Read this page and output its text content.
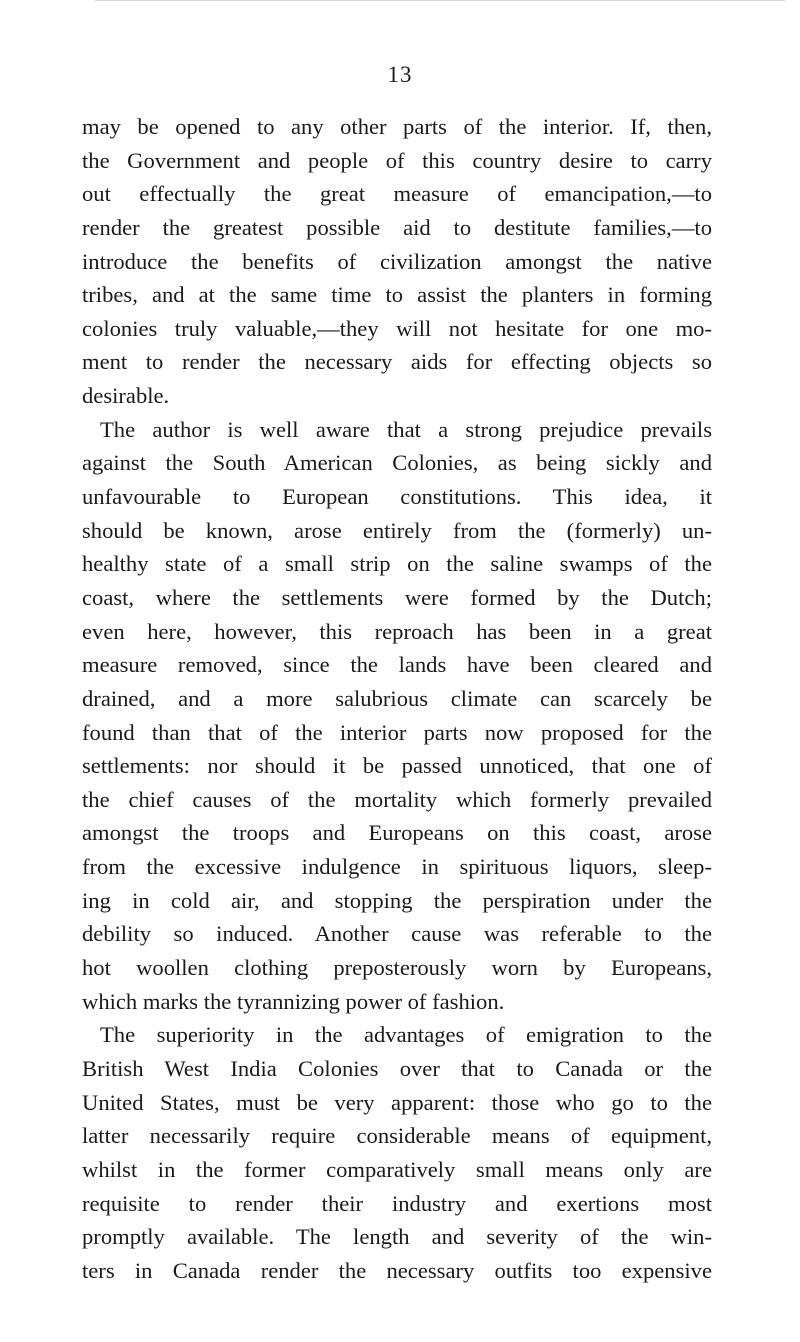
13
may be opened to any other parts of the interior. If, then,
the Government and people of this country desire to carry
out effectually the great measure of emancipation,—to
render the greatest possible aid to destitute families,—to
introduce the benefits of civilization amongst the native
tribes, and at the same time to assist the planters in forming
colonies truly valuable,—they will not hesitate for one mo-
ment to render the necessary aids for effecting objects so
desirable.
The author is well aware that a strong prejudice prevails
against the South American Colonies, as being sickly and
unfavourable to European constitutions. This idea, it
should be known, arose entirely from the (formerly) un-
healthy state of a small strip on the saline swamps of the
coast, where the settlements were formed by the Dutch;
even here, however, this reproach has been in a great
measure removed, since the lands have been cleared and
drained, and a more salubrious climate can scarcely be
found than that of the interior parts now proposed for the
settlements: nor should it be passed unnoticed, that one of
the chief causes of the mortality which formerly prevailed
amongst the troops and Europeans on this coast, arose
from the excessive indulgence in spirituous liquors, sleep-
ing in cold air, and stopping the perspiration under the
debility so induced. Another cause was referable to the
hot woollen clothing preposterously worn by Europeans,
which marks the tyrannizing power of fashion.
The superiority in the advantages of emigration to the
British West India Colonies over that to Canada or the
United States, must be very apparent: those who go to the
latter necessarily require considerable means of equipment,
whilst in the former comparatively small means only are
requisite to render their industry and exertions most
promptly available. The length and severity of the win-
ters in Canada render the necessary outfits too expensive
